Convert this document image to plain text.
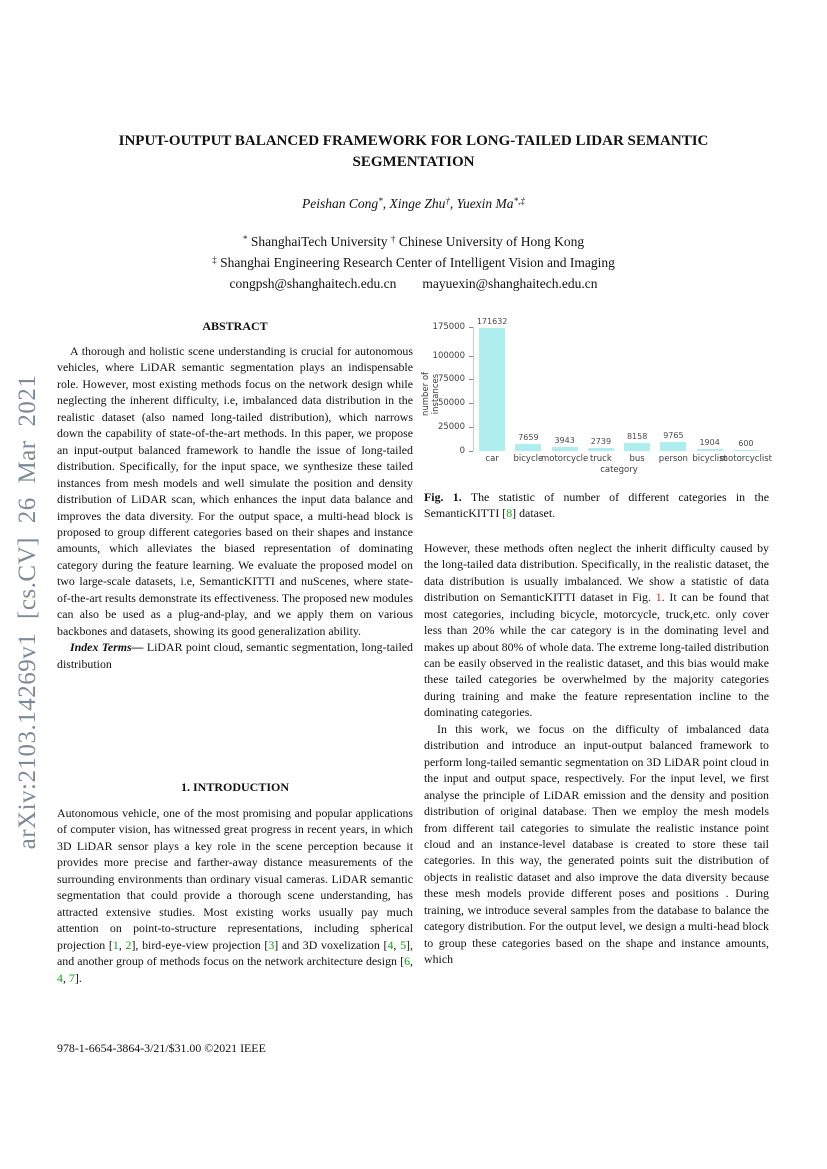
arXiv:2103.14269v1 [cs.CV] 26 Mar 2021
INPUT-OUTPUT BALANCED FRAMEWORK FOR LONG-TAILED LIDAR SEMANTIC SEGMENTATION
Peishan Cong*, Xinge Zhu†, Yuexin Ma*,‡
* ShanghaiTech University † Chinese University of Hong Kong
‡ Shanghai Engineering Research Center of Intelligent Vision and Imaging
congpsh@shanghaitech.edu.cn mayuexin@shanghaitech.edu.cn
ABSTRACT

A thorough and holistic scene understanding is crucial for autonomous vehicles, where LiDAR semantic segmentation plays an indispensable role. However, most existing methods focus on the network design while neglecting the inherent difficulty, i.e, imbalanced data distribution in the realistic dataset (also named long-tailed distribution), which narrows down the capability of state-of-the-art methods. In this paper, we propose an input-output balanced framework to handle the issue of long-tailed distribution. Specifically, for the input space, we synthesize these tailed instances from mesh models and well simulate the position and density distribution of LiDAR scan, which enhances the input data balance and improves the data diversity. For the output space, a multi-head block is proposed to group different categories based on their shapes and instance amounts, which alleviates the biased representation of dominating category during the feature learning. We evaluate the proposed model on two large-scale datasets, i.e, SemanticKITTI and nuScenes, where state-of-the-art results demonstrate its effectiveness. The proposed new modules can also be used as a plug-and-play, and we apply them on various backbones and datasets, showing its good generalization ability.

Index Terms— LiDAR point cloud, semantic segmentation, long-tailed distribution

1. INTRODUCTION

Autonomous vehicle, one of the most promising and popular applications of computer vision, has witnessed great progress in recent years, in which 3D LiDAR sensor plays a key role in the scene perception because it provides more precise and farther-away distance measurements of the surrounding environments than ordinary visual cameras. LiDAR semantic segmentation that could provide a thorough scene understanding, has attracted extensive studies. Most existing works usually pay much attention on point-to-structure representations, including spherical projection [1, 2], bird-eye-view projection [3] and 3D voxelization [4, 5], and another group of methods focus on the network architecture design [6, 4, 7].

0
25000
50000
75000
100000
175000
171632
car
7659
bicycle
3943
motorcycle
2739
truck
8158
bus
9765
person
1904
bicyclist
600
motorcyclist
number of instances
category
Fig. 1. The statistic of number of different categories in the SemanticKITTI [8] dataset.

However, these methods often neglect the inherit difficulty caused by the long-tailed data distribution. Specifically, in the realistic dataset, the data distribution is usually imbalanced. We show a statistic of data distribution on SemanticKITTI dataset in Fig. 1. It can be found that most categories, including bicycle, motorcycle, truck,etc. only cover less than 20% while the car category is in the dominating level and makes up about 80% of whole data. The extreme long-tailed distribution can be easily observed in the realistic dataset, and this bias would make these tailed categories be overwhelmed by the majority categories during training and make the feature representation incline to the dominating categories.

In this work, we focus on the difficulty of imbalanced data distribution and introduce an input-output balanced framework to perform long-tailed semantic segmentation on 3D LiDAR point cloud in the input and output space, respectively. For the input level, we first analyse the principle of LiDAR emission and the density and position distribution of original database. Then we employ the mesh models from different tail categories to simulate the realistic instance point cloud and an instance-level database is created to store these tail categories. In this way, the generated points suit the distribution of objects in realistic dataset and also improve the data diversity because these mesh models provide different poses and positions . During training, we introduce several samples from the database to balance the category distribution. For the output level, we design a multi-head block to group these categories based on the shape and instance amounts, which

978-1-6654-3864-3/21/$31.00 ©2021 IEEE
